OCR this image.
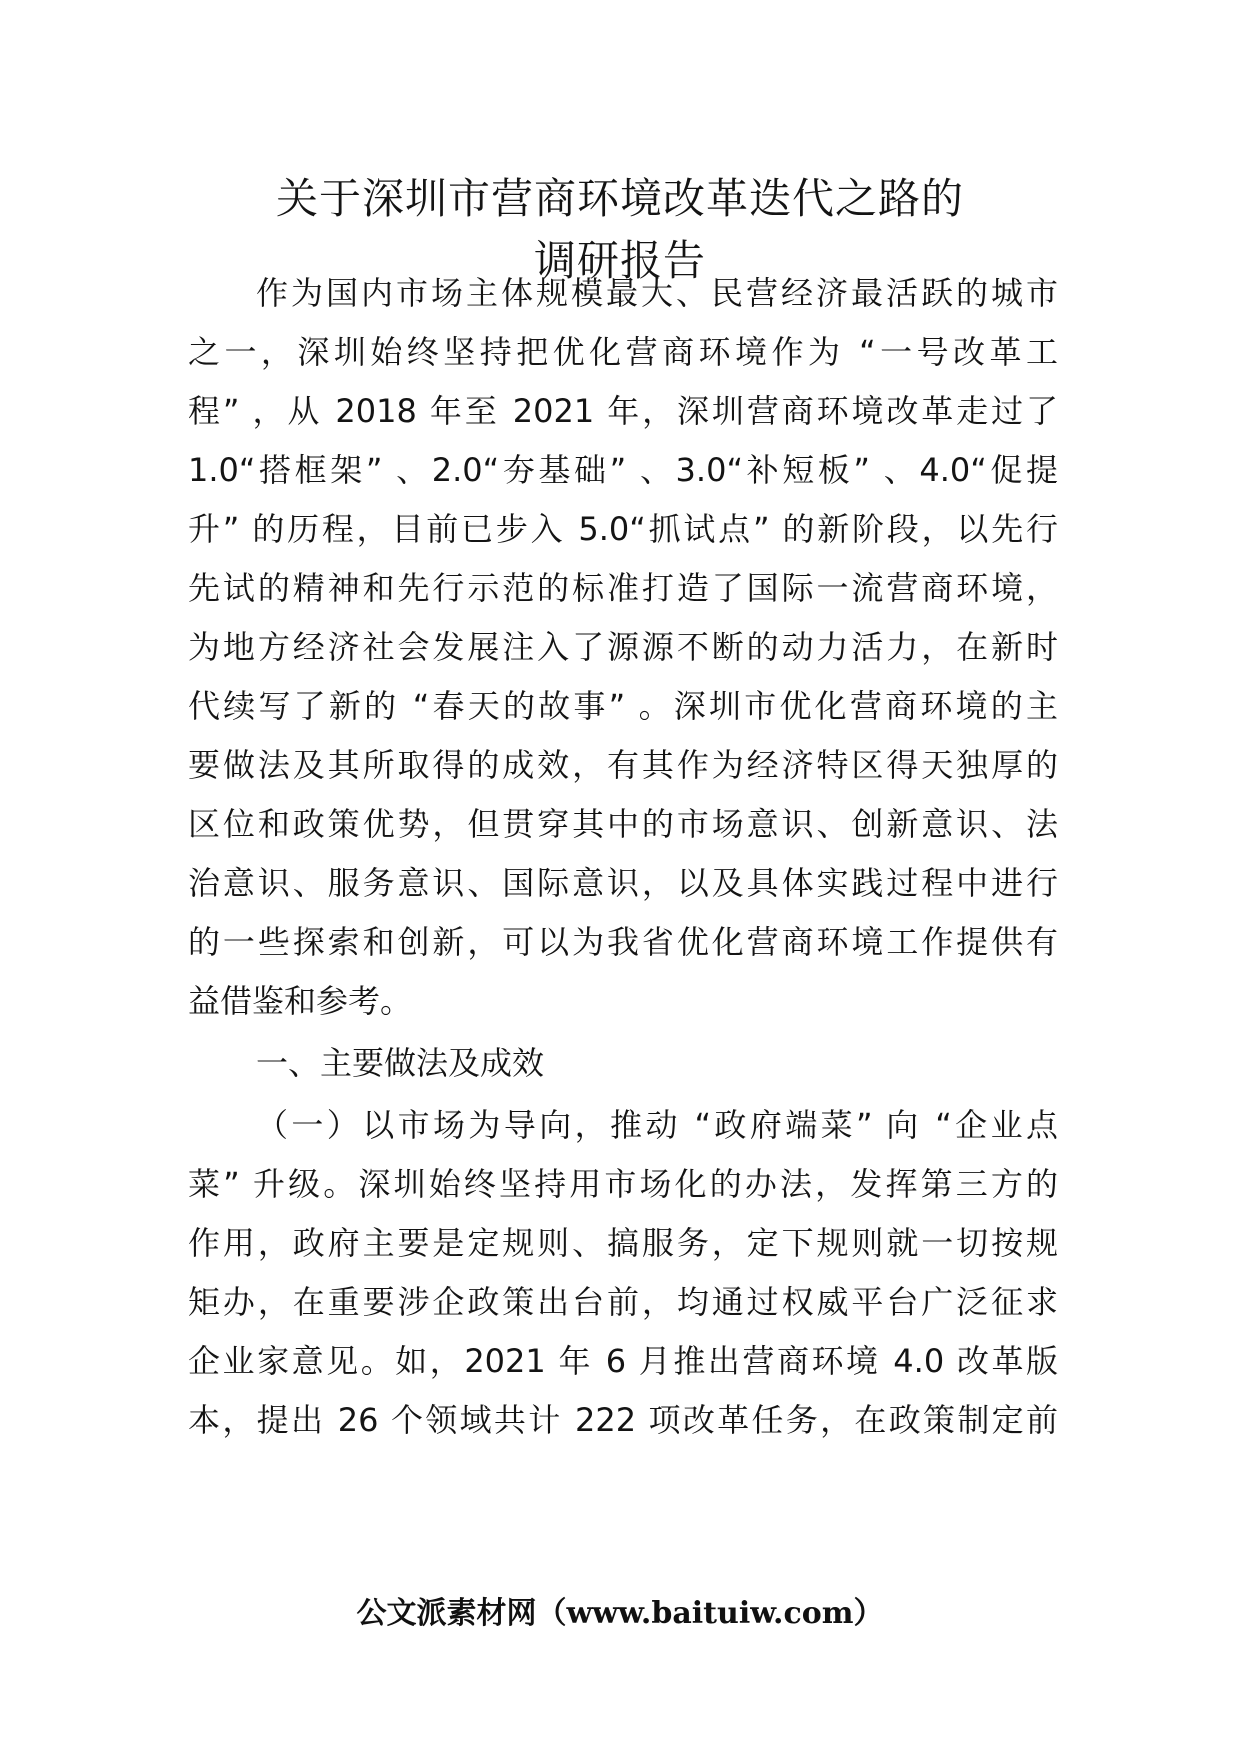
关于深圳市营商环境改革迭代之路的
调研报告
作为国内市场主体规模最大、民营经济最活跃的城市
之一，深圳始终坚持把优化营商环境作为 “一号改革工
程” ，从 2018 年至 2021 年，深圳营商环境改革走过了
1.0“搭框架” 、2.0“夯基础” 、3.0“补短板” 、4.0“促提
升” 的历程，目前已步入 5.0“抓试点” 的新阶段，以先行
先试的精神和先行示范的标准打造了国际一流营商环境，
为地方经济社会发展注入了源源不断的动力活力，在新时
代续写了新的 “春天的故事” 。深圳市优化营商环境的主
要做法及其所取得的成效，有其作为经济特区得天独厚的
区位和政策优势，但贯穿其中的市场意识、创新意识、法
治意识、服务意识、国际意识，以及具体实践过程中进行
的一些探索和创新，可以为我省优化营商环境工作提供有
益借鉴和参考。
一、主要做法及成效
（一）以市场为导向，推动 “政府端菜” 向 “企业点
菜” 升级。深圳始终坚持用市场化的办法，发挥第三方的
作用，政府主要是定规则、搞服务，定下规则就一切按规
矩办，在重要涉企政策出台前，均通过权威平台广泛征求
企业家意见。如，2021 年 6 月推出营商环境 4.0 改革版
本，提出 26 个领域共计 222 项改革任务，在政策制定前
公文派素材网（www.baituiw.com）
